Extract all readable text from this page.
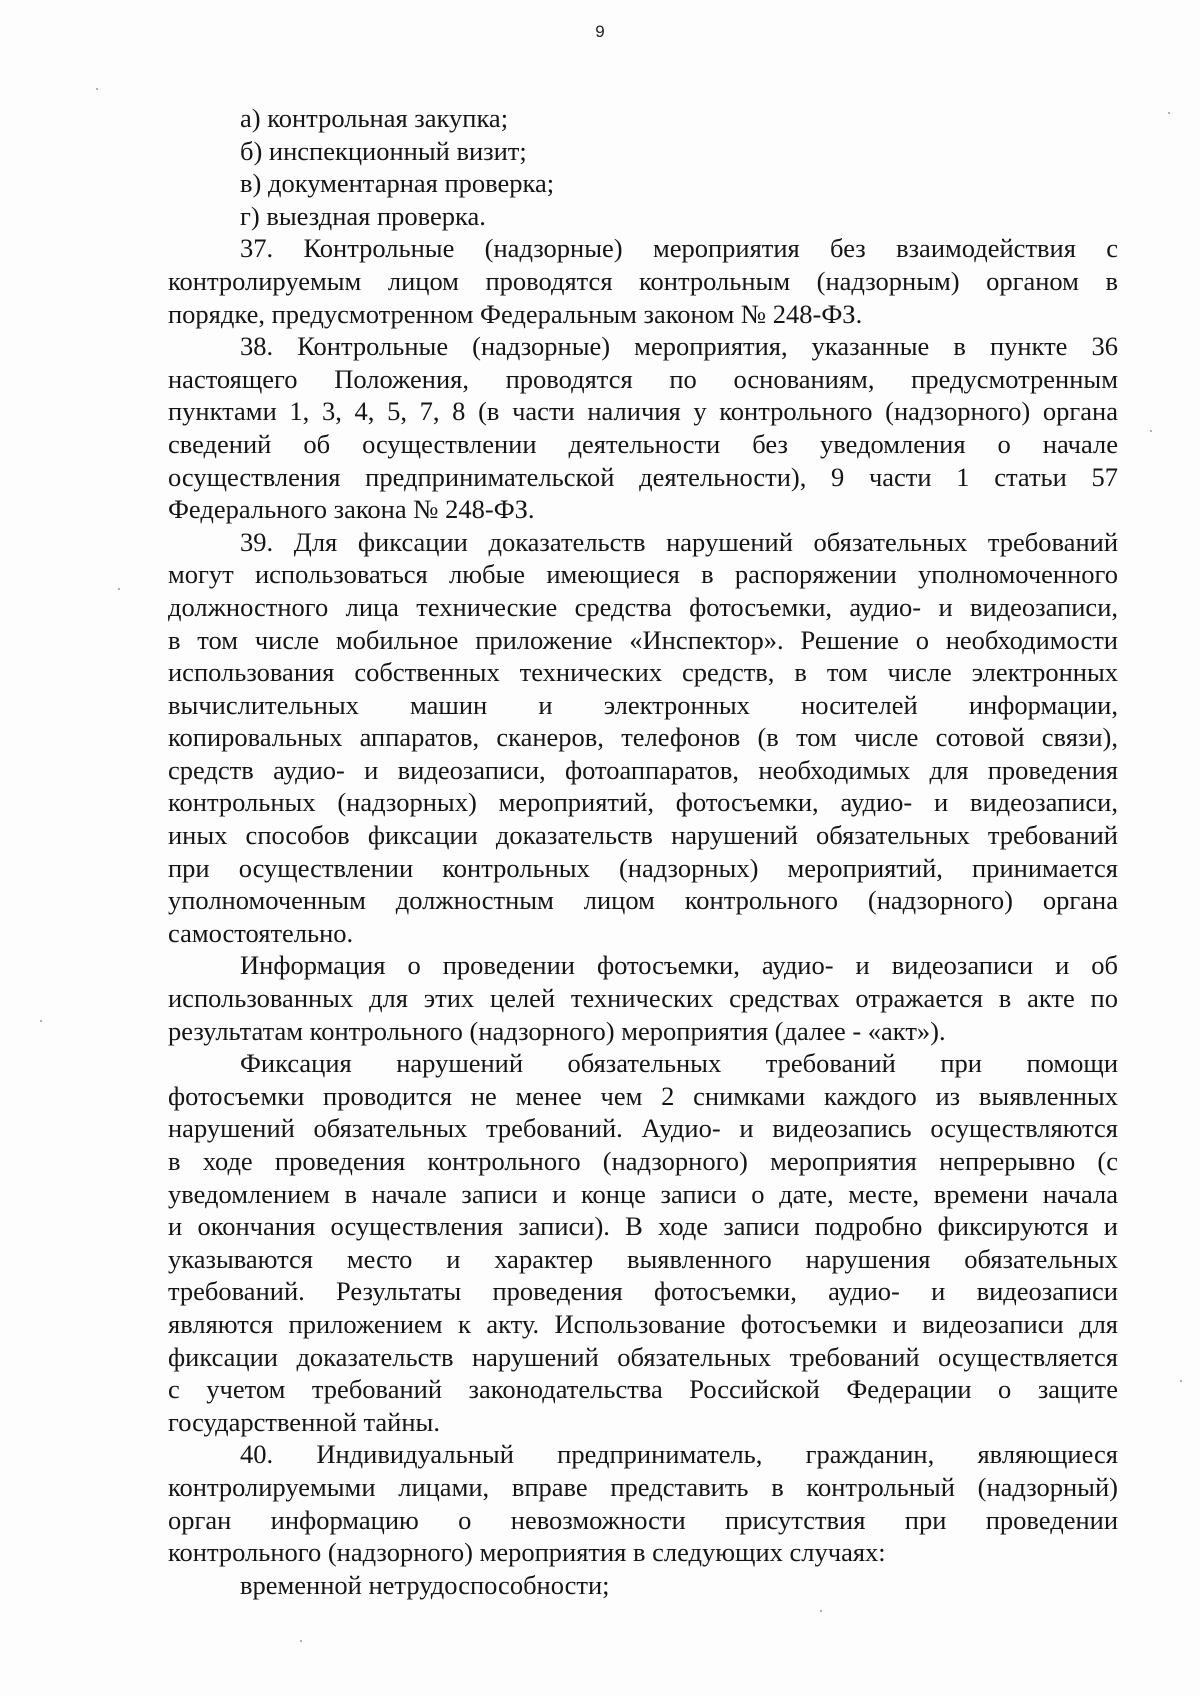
9
а) контрольная закупка;
б) инспекционный визит;
в) документарная проверка;
г) выездная проверка.
37. Контрольные (надзорные) мероприятия без взаимодействия с
контролируемым лицом проводятся контрольным (надзорным) органом в
порядке, предусмотренном Федеральным законом № 248-ФЗ.
38. Контрольные (надзорные) мероприятия, указанные в пункте 36
настоящего Положения, проводятся по основаниям, предусмотренным
пунктами 1, 3, 4, 5, 7, 8 (в части наличия у контрольного (надзорного) органа
сведений об осуществлении деятельности без уведомления о начале
осуществления предпринимательской деятельности), 9 части 1 статьи 57
Федерального закона № 248-ФЗ.
39. Для фиксации доказательств нарушений обязательных требований
могут использоваться любые имеющиеся в распоряжении уполномоченного
должностного лица технические средства фотосъемки, аудио- и видеозаписи,
в том числе мобильное приложение «Инспектор». Решение о необходимости
использования собственных технических средств, в том числе электронных
вычислительных машин и электронных носителей информации,
копировальных аппаратов, сканеров, телефонов (в том числе сотовой связи),
средств аудио- и видеозаписи, фотоаппаратов, необходимых для проведения
контрольных (надзорных) мероприятий, фотосъемки, аудио- и видеозаписи,
иных способов фиксации доказательств нарушений обязательных требований
при осуществлении контрольных (надзорных) мероприятий, принимается
уполномоченным должностным лицом контрольного (надзорного) органа
самостоятельно.
Информация о проведении фотосъемки, аудио- и видеозаписи и об
использованных для этих целей технических средствах отражается в акте по
результатам контрольного (надзорного) мероприятия (далее - «акт»).
Фиксация нарушений обязательных требований при помощи
фотосъемки проводится не менее чем 2 снимками каждого из выявленных
нарушений обязательных требований. Аудио- и видеозапись осуществляются
в ходе проведения контрольного (надзорного) мероприятия непрерывно (с
уведомлением в начале записи и конце записи о дате, месте, времени начала
и окончания осуществления записи). В ходе записи подробно фиксируются и
указываются место и характер выявленного нарушения обязательных
требований. Результаты проведения фотосъемки, аудио- и видеозаписи
являются приложением к акту. Использование фотосъемки и видеозаписи для
фиксации доказательств нарушений обязательных требований осуществляется
с учетом требований законодательства Российской Федерации о защите
государственной тайны.
40. Индивидуальный предприниматель, гражданин, являющиеся
контролируемыми лицами, вправе представить в контрольный (надзорный)
орган информацию о невозможности присутствия при проведении
контрольного (надзорного) мероприятия в следующих случаях:
временной нетрудоспособности;
